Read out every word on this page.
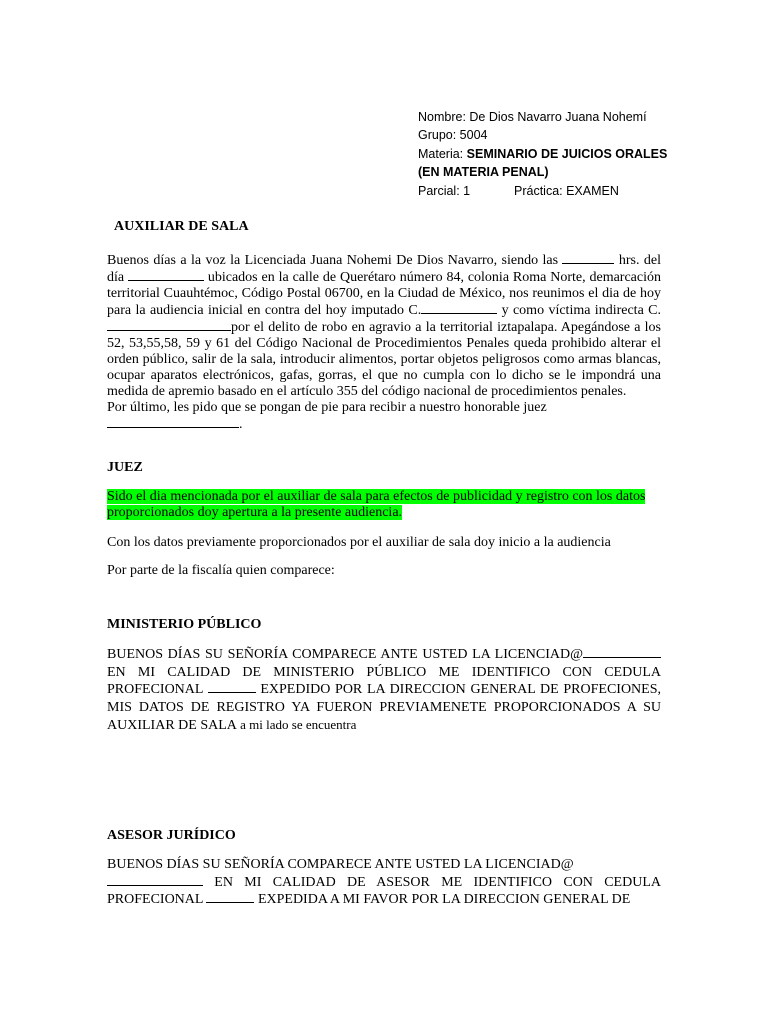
Nombre: De Dios Navarro Juana Nohemí
Grupo: 5004
Materia: SEMINARIO DE JUICIOS ORALES
(EN MATERIA PENAL)
Parcial: 1	Práctica: EXAMEN
AUXILIAR DE SALA
Buenos días a la voz la Licenciada Juana Nohemi De Dios Navarro, siendo las	hrs. del día	ubicados en la calle de Querétaro número 84, colonia Roma Norte, demarcación territorial Cuauhtémoc, Código Postal 06700, en la Ciudad de México, nos reunimos el dia de hoy para la audiencia inicial en contra del hoy imputado C.	y como víctima indirecta C.por el delito de robo en agravio a la territorial iztapalapa. Apegándose a los 52, 53,55,58, 59 y 61 del Código Nacional de Procedimientos Penales queda prohibido alterar el orden público, salir de la sala, introducir alimentos, portar objetos peligrosos como armas blancas, ocupar aparatos electrónicos, gafas, gorras, el que no cumpla con lo dicho se le impondrá una medida de apremio basado en el artículo 355 del código nacional de procedimientos penales.
Por último, les pido que se pongan de pie para recibir a nuestro honorable juez
.
JUEZ
Sido el dia mencionada por el auxiliar de sala para efectos de publicidad y registro con los datos proporcionados doy apertura a la presente audiencia.
Con los datos previamente proporcionados por el auxiliar de sala doy inicio a la audiencia
Por parte de la fiscalía quien comparece:
MINISTERIO PÚBLICO
BUENOS DÍAS SU SEÑORÍA COMPARECE ANTE USTED LA LICENCIAD@ EN MI CALIDAD DE MINISTERIO PÚBLICO ME IDENTIFICO CON CEDULA PROFECIONAL	EXPEDIDO POR LA DIRECCION GENERAL DE PROFECIONES, MIS DATOS DE REGISTRO YA FUERON PREVIAMENETE PROPORCIONADOS A SU AUXILIAR DE SALA a mi lado se encuentra
ASESOR JURÍDICO
BUENOS DÍAS SU SEÑORÍA COMPARECE ANTE USTED LA LICENCIAD@
EN MI CALIDAD DE ASESOR ME IDENTIFICO CON CEDULA PROFECIONAL	EXPEDIDA A MI FAVOR POR LA DIRECCION GENERAL DE
